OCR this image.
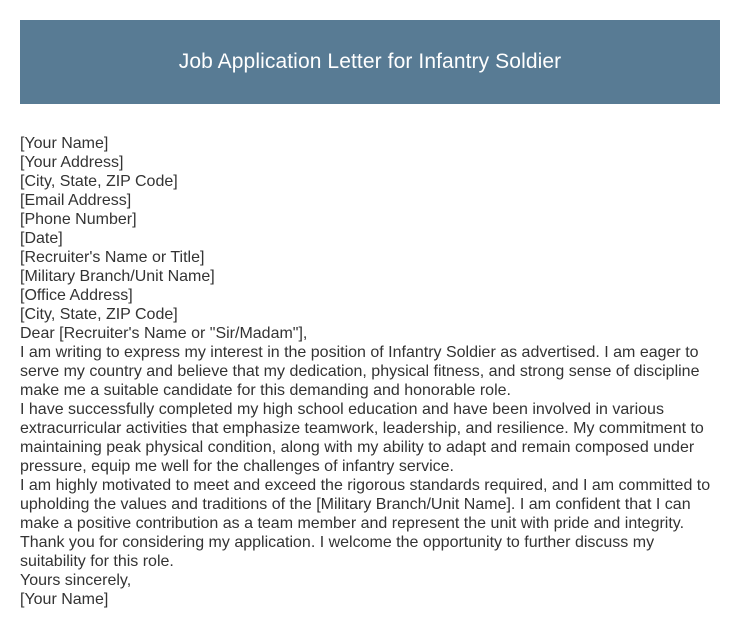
Job Application Letter for Infantry Soldier
[Your Name]
[Your Address]
[City, State, ZIP Code]
[Email Address]
[Phone Number]
[Date]
[Recruiter's Name or Title]
[Military Branch/Unit Name]
[Office Address]
[City, State, ZIP Code]
Dear [Recruiter's Name or "Sir/Madam"],
I am writing to express my interest in the position of Infantry Soldier as advertised. I am eager to serve my country and believe that my dedication, physical fitness, and strong sense of discipline make me a suitable candidate for this demanding and honorable role.
I have successfully completed my high school education and have been involved in various extracurricular activities that emphasize teamwork, leadership, and resilience. My commitment to maintaining peak physical condition, along with my ability to adapt and remain composed under pressure, equip me well for the challenges of infantry service.
I am highly motivated to meet and exceed the rigorous standards required, and I am committed to upholding the values and traditions of the [Military Branch/Unit Name]. I am confident that I can make a positive contribution as a team member and represent the unit with pride and integrity.
Thank you for considering my application. I welcome the opportunity to further discuss my suitability for this role.
Yours sincerely,
[Your Name]
